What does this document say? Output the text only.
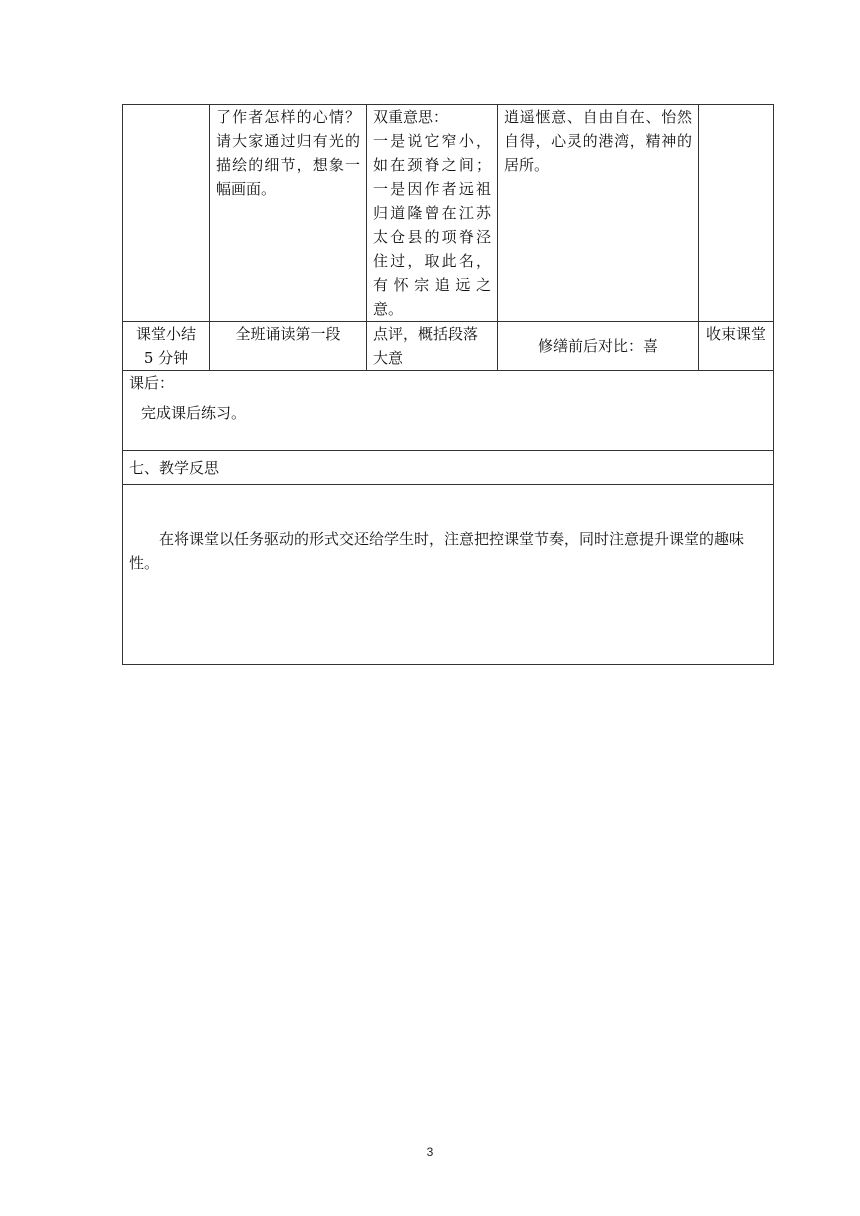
	了作者怎样的心情？请大家通过归有光的描绘的细节，想象一幅画面。	双重意思：
一是说它窄小，如在颈脊之间；一是因作者远祖归道隆曾在江苏太仓县的项脊泾住过，取此名，有怀宗追远之意。	逍遥惬意、自由自在、怡然自得，心灵的港湾，精神的居所。	
课堂小结 5 分钟	全班诵读第一段	点评，概括段落大意	修缮前后对比：喜	收束课堂

课后：
完成课后练习。				

七、教学反思				

在将课堂以任务驱动的形式交还给学生时，注意把控课堂节奏，同时注意提升课堂的趣味性。				

3
